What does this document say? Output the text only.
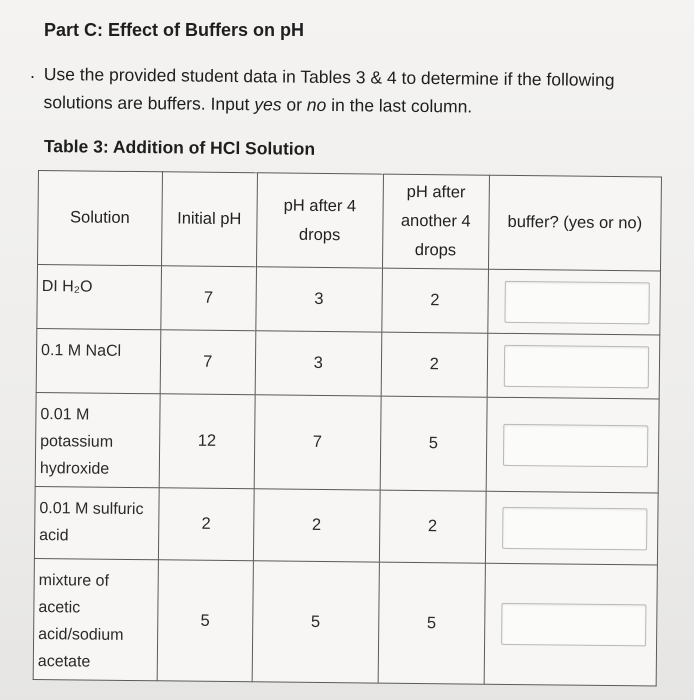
Part C: Effect of Buffers on pH
. Use the provided student data in Tables 3 & 4 to determine if the following solutions are buffers. Input yes or no in the last column.
Table 3: Addition of HCl Solution
Solution	Initial pH	pH after 4 drops	pH after another 4 drops	buffer? (yes or no)
DI H₂O	7	3	2	

0.1 M NaCl	7	3	2	

0.01 M potassium hydroxide	12	7	5	

0.01 M sulfuric acid	2	2	2	

mixture of acetic acid/sodium acetate	5	5	5	
